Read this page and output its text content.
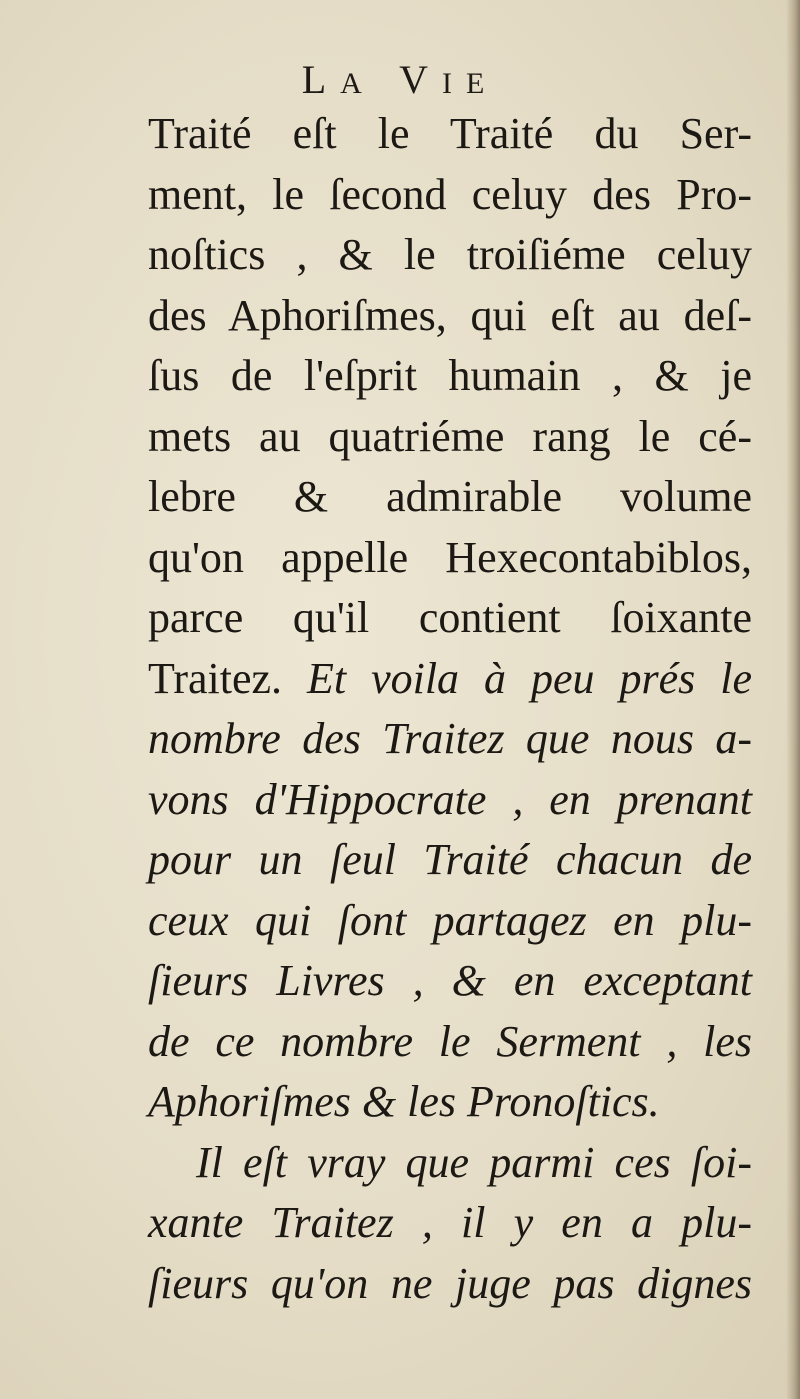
LA VIE
Traité eſt le Traité du Ser-
ment, le ſecond celuy des Pro-
noſtics , & le troiſiéme celuy
des Aphoriſmes, qui eſt au deſ-
ſus de l'eſprit humain , & je
mets au quatriéme rang le cé-
lebre & admirable volume
qu'on appelle Hexecontabiblos,
parce qu'il contient ſoixante
Traitez. Et voila à peu prés le
nombre des Traitez que nous a-
vons d'Hippocrate , en prenant
pour un ſeul Traité chacun de
ceux qui ſont partagez en plu-
ſieurs Livres , & en exceptant
de ce nombre le Serment , les
Aphoriſmes & les Pronoſtics.
Il eſt vray que parmi ces ſoi-
xante Traitez , il y en a plu-
ſieurs qu'on ne juge pas dignes
